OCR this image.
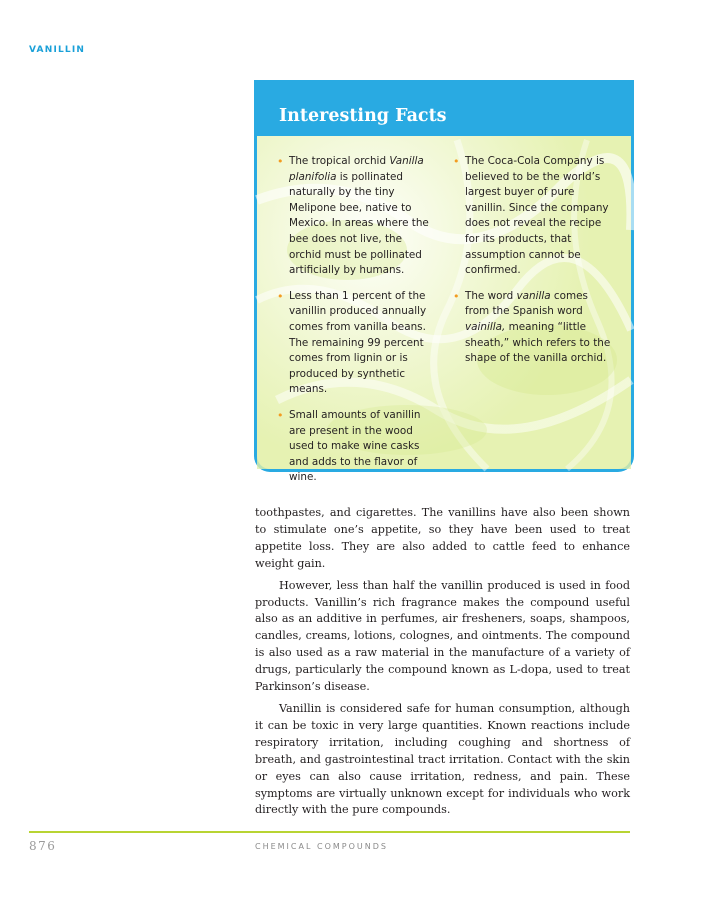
VANILLIN
Interesting Facts
• The tropical orchid Vanilla planifolia is pollinated naturally by the tiny Melipone bee, native to Mexico. In areas where the bee does not live, the orchid must be pollinated artificially by humans.
• Less than 1 percent of the vanillin produced annually comes from vanilla beans. The remaining 99 percent comes from lignin or is produced by synthetic means.
• Small amounts of vanillin are present in the wood used to make wine casks and adds to the flavor of wine.
• The Coca-Cola Company is believed to be the world’s largest buyer of pure vanillin. Since the company does not reveal the recipe for its products, that assumption cannot be confirmed.
• The word vanilla comes from the Spanish word vainilla, meaning “little sheath,” which refers to the shape of the vanilla orchid.

toothpastes, and cigarettes. The vanillins have also been shown to stimulate one’s appetite, so they have been used to treat appetite loss. They are also added to cattle feed to enhance weight gain.

However, less than half the vanillin produced is used in food products. Vanillin’s rich fragrance makes the compound useful also as an additive in perfumes, air fresheners, soaps, shampoos, candles, creams, lotions, colognes, and ointments. The compound is also used as a raw material in the manufacture of a variety of drugs, particularly the compound known as L-dopa, used to treat Parkinson’s disease.

Vanillin is considered safe for human consumption, although it can be toxic in very large quantities. Known reactions include respiratory irritation, including coughing and shortness of breath, and gastrointestinal tract irritation. Contact with the skin or eyes can also cause irritation, redness, and pain. These symptoms are virtually unknown except for individuals who work directly with the pure compounds.

876	CHEMICAL COMPOUNDS
